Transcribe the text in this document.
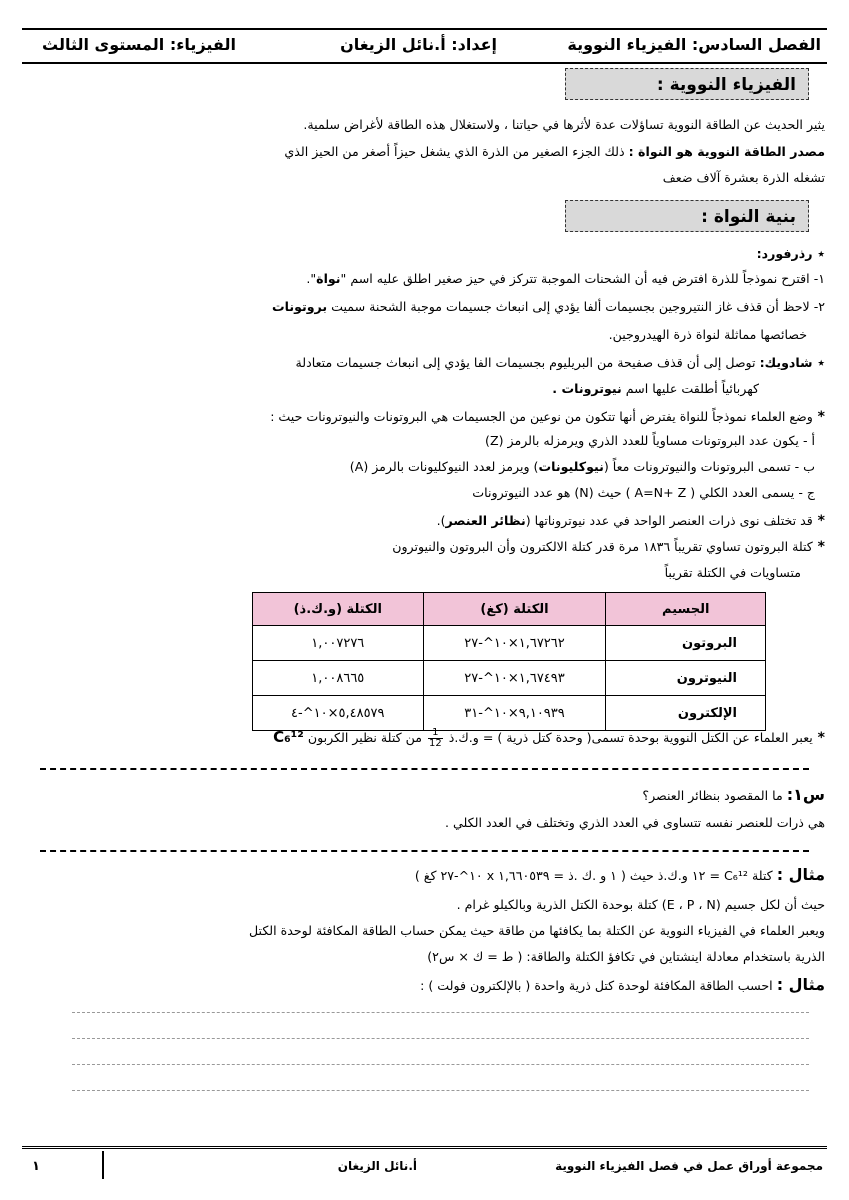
الفصل السادس: الفيزياء النووية
إعداد: أ.نائل الزيغان
الفيزياء: المستوى الثالث
الفيزياء النووية :
يثير الحديث عن الطاقة النووية تساؤلات عدة لأثرها في حياتنا ، ولاستغلال هذه الطاقة لأغراض سلمية.
مصدر الطاقة النووية هو النواة : ذلك الجزء الصغير من الذرة الذي يشغل حيزاً أصغر من الحيز الذي
تشغله الذرة بعشرة آلاف ضعف
بنية النواة :
٭ رذرفورد:
١- اقترح نموذجاً للذرة افترض فيه أن الشحنات الموجبة تتركز في حيز صغير اطلق عليه اسم "نواة".
٢- لاحظ أن قذف غاز النتيروجين بجسيمات ألفا يؤدي إلى انبعاث جسيمات موجبة الشحنة سميت بروتونات
خصائصها مماثلة لنواة ذرة الهيدروجين.
٭ شادويك: توصل إلى أن قذف صفيحة من البريليوم بجسيمات الفا يؤدي إلى انبعاث جسيمات متعادلة
كهربائياً أطلقت عليها اسم نيوترونات .
* وضع العلماء نموذجاً للنواة يفترض أنها تتكون من نوعين من الجسيمات هي البروتونات والنيوترونات حيث :
أ - يكون عدد البروتونات مساوياً للعدد الذري ويرمزله بالرمز (Z)
ب - تسمى البروتونات والنيوترونات معاً (نيوكليونات) ويرمز لعدد النيوكليونات بالرمز (A)
ج - يسمى العدد الكلي ( A=N+ Z ) حيث (N) هو عدد النيوترونات
* قد تختلف نوى ذرات العنصر الواحد في عدد نيوتروناتها (نظائر العنصر).
* كتلة البروتون تساوي تقريباً ١٨٣٦ مرة قدر كتلة الالكترون وأن البروتون والنيوترون
متساويات في الكتلة تقريباً
الجسيم	الكتلة (كغ)	الكتلة (و.ك.ذ)
البروتون	١,٦٧٢٦٢×١٠^-٢٧	١,٠٠٧٢٧٦
النيوترون	١,٦٧٤٩٣×١٠^-٢٧	١,٠٠٨٦٦٥
الإلكترون	٩,١٠٩٣٩×١٠^-٣١	٥,٤٨٥٧٩×١٠^-٤
* يعبر العلماء عن الكتل النووية بوحدة تسمى( وحدة كتل ذرية ) = و.ك.ذ
$\frac{1}{12}$
من كتلة نظير الكربون C₆¹²
س١: ما المقصود بنظائر العنصر؟
هي ذرات للعنصر نفسه تتساوى في العدد الذري وتختلف في العدد الكلي .
مثال : كتلة C₆¹² = ١٢ و.ك.ذ حيث ( ١ و .ك .ذ = ١,٦٦٠٥٣٩ x ١٠^-٢٧ كغ )
حيث أن لكل جسيم (E ، P ، N) كتلة بوحدة الكتل الذرية وبالكيلو غرام .
ويعبر العلماء في الفيزياء النووية عن الكتلة بما يكافئها من طاقة حيث يمكن حساب الطاقة المكافئة لوحدة الكتل
الذرية باستخدام معادلة اينشتاين في تكافؤ الكتلة والطاقة: ( ط = ك × س٢)
مثال : احسب الطاقة المكافئة لوحدة كتل ذرية واحدة ( بالإلكترون فولت ) :
مجموعة أوراق عمل في فصل الفيزياء النووية
أ.نائل الزيغان
١
